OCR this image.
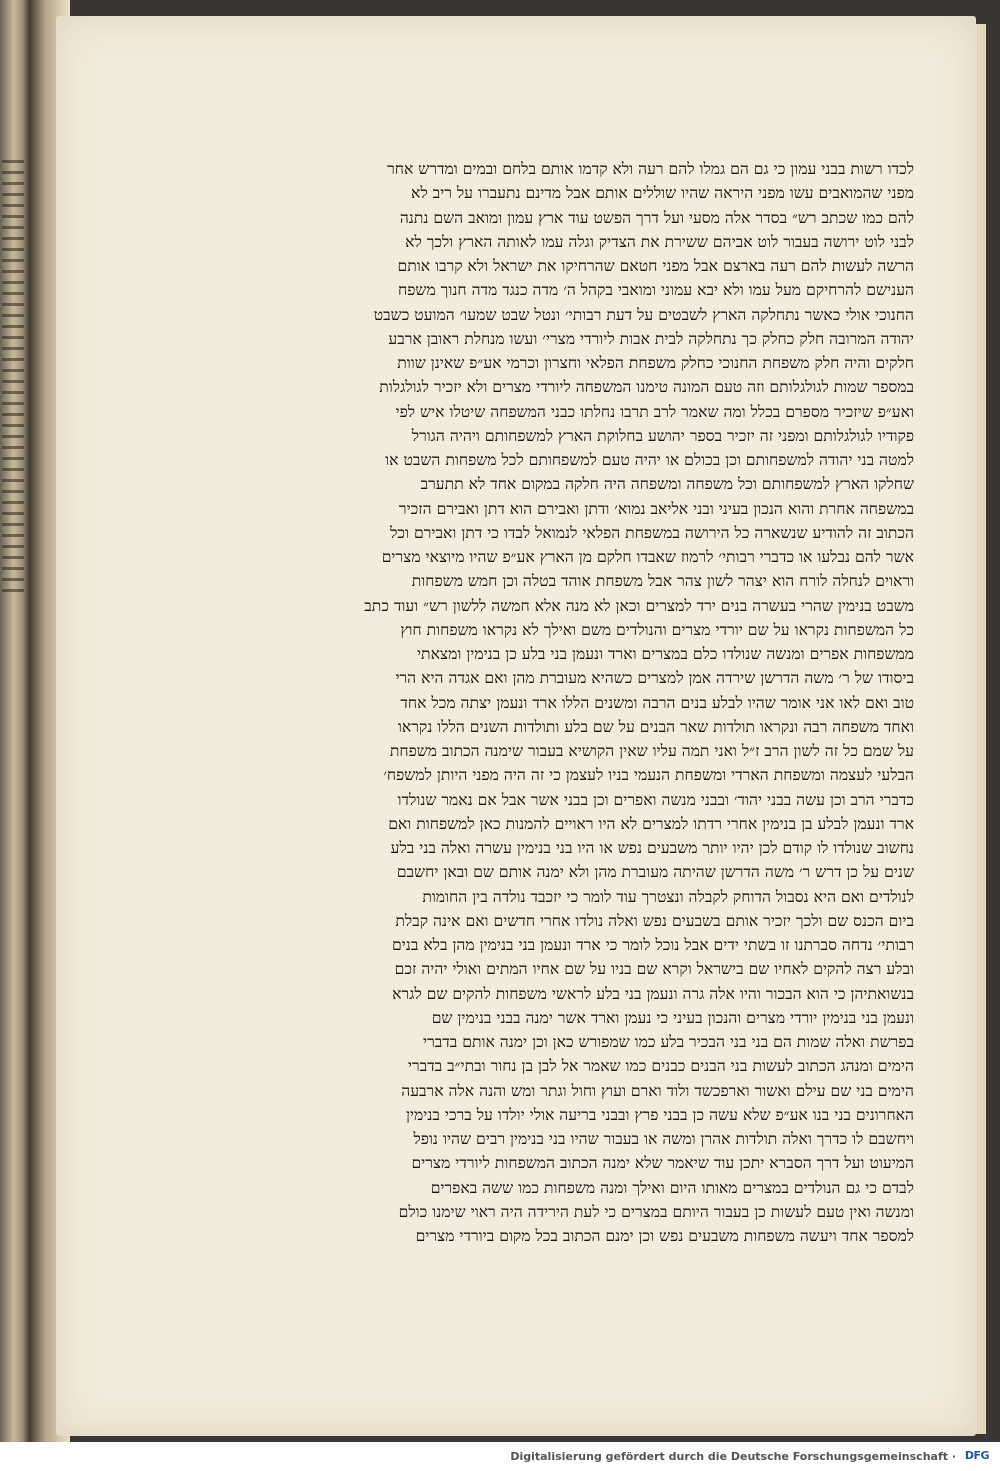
לכדו רשות בבני עמון כי גם הם גמלו להם רעה ולא קדמו אותם בלחם ובמים ומדרש אחר
מפני שהמואבים עשו מפני היראה שהיו שוללים אותם אבל מדינם נתעברו על ריב לא
להם כמו שכתב רש״ בסדר אלה מסעי ועל דרך הפשט עוד ארץ עמון ומואב השם נתנה
לבני לוט ירושה בעבור לוט אביהם ששירת את הצדיק וגלה עמו לאותה הארץ ולכך לא
הרשה לעשות להם רעה בארצם אבל מפני חטאם שהרחיקו את ישראל ולא קרבו אותם
הענישם להרחיקם מעל עמו ולא יבא עמוני ומואבי בקהל ה׳ מדה כנגד מדה חנוך משפח
החנוכי אולי כאשר נתחלקה הארץ לשבטים על דעת רבותי׳ ונטל שבט שמעו׳ המועט כשבט
יהודה המרובה חלק כחלק כך נתחלקה לבית אבות ליורדי מצרי׳ ועשו מנחלת ראובן ארבע
חלקים והיה חלק משפחת החנוכי כחלק משפחת הפלאי וחצרון וכרמי אע״פ שאינן שוות
במספר שמות לגולגלותם וזה טעם המונה טימנו המשפחה ליורדי מצרים ולא יזכיר לגולגלות
ואע״פ שיזכיר מספרם בכלל ומה שאמר לרב תרבו נחלתו כבני המשפחה שיטלו איש לפי
פקודיו לגולגלותם ומפני זה יזכיר בספר יהושע בחלוקת הארץ למשפחותם ויהיה הגורל
למטה בני יהודה למשפחותם וכן בכולם או יהיה טעם למשפחותם לכל משפחות השבט או
שחלקו הארץ למשפחותם וכל משפחה ומשפחה היה חלקה במקום אחד לא תתערב
במשפחה אחרת והוא הנכון בעיני ובני אליאב נמוא׳ ודתן ואבירם הוא דתן ואבירם הזכיר
הכתוב זה להודיע שנשארה כל הירושה במשפחת הפלאי לנמואל לבדו כי דתן ואבירם וכל
אשר להם נבלעו או כדברי רבותי׳ לרמוז שאבדו חלקם מן הארץ אע״פ שהיו מיוצאי מצרים
וראוים לנחלה לורח הוא יצהר לשון צהר אבל משפחת אוהד בטלה וכן חמש משפחות
משבט בנימין שהרי בעשרה בנים ירד למצרים וכאן לא מנה אלא חמשה ללשון רש״ ועוד כתב
כל המשפחות נקראו על שם יורדי מצרים והנולדים משם ואילך לא נקראו משפחות חוץ
ממשפחות אפרים ומנשה שנולדו כלם במצרים וארד ונעמן בני בלע כן בנימין ומצאתי
ביסודו של ר׳ משה הדרשן שירדה אמן למצרים כשהיא מעוברת מהן ואם אגדה היא הרי
טוב ואם לאו אני אומר שהיו לבלע בנים הרבה ומשנים הללו ארד ונעמן יצתה מכל אחד
ואחד משפחה רבה ונקראו תולדות שאר הבנים על שם בלע ותולדות השנים הללו נקראו
על שמם כל זה לשון הרב ז״ל ואני תמה עליו שאין הקושיא בעבור שימנה הכתוב משפחת
הבלעי לעצמה ומשפחת הארדי ומשפחת הנעמי בניו לעצמן כי זה היה מפני היותן למשפח׳
כדברי הרב וכן עשה בבני יהוד׳ ובבני מנשה ואפרים וכן בבני אשר אבל אם נאמר שנולדו
ארד ונעמן לבלע בן בנימין אחרי רדתו למצרים לא היו ראויים להמנות כאן למשפחות ואם
נחשוב שנולדו לו קודם לכן יהיו יותר משבעים נפש או היו בני בנימין עשרה ואלה בני בלע
שנים על כן דרש ר׳ משה הדרשן שהיתה מעוברת מהן ולא ימנה אותם שם ובאן יחשבם
לנולדים ואם היא נסבול הדוחק לקבלה ונצטרך עוד לומר כי יזכבד נולדה בין החומות
ביום הכנס שם ולכך יזכיר אותם בשבעים נפש ואלה נולדו אחרי חדשים ואם אינה קבלת
רבותי׳ נדחה סברתנו זו בשתי ידים אבל נוכל לומר כי ארד ונעמן בני בנימין מהן בלא בנים
ובלע רצה להקים לאחיו שם בישראל וקרא שם בניו על שם אחיו המתים ואולי יהיה זכם
בנשואתיהן כי הוא הבכור והיו אלה גרה ונעמן בני בלע לראשי משפחות להקים שם לגרא
ונעמן בני בנימין יורדי מצרים והנכון בעיני כי נעמן וארד אשר ימנה בבני בנימין שם
בפרשת ואלה שמות הם בני בני הבכיר בלע כמו שמפורש כאן וכן ימנה אותם בדברי
הימים ומנהג הכתוב לעשות בני הבנים כבנים כמו שאמר אל לבן בן נחור ובתי״ב בדברי
הימים בני שם עילם ואשור וארפכשד ולוד וארם ועוץ וחול וגתר ומש והנה אלה ארבעה
האחרונים בני בנו אע״פ שלא עשה כן בבני פרץ ובבני בריעה אולי יולדו על ברכי בנימין
ויחשבם לו כדרך ואלה תולדות אהרן ומשה או בעבור שהיו בני בנימין רבים שהיו נופל
המיעוט ועל דרך הסברא יתכן עוד שיאמר שלא ימנה הכתוב המשפחות ליורדי מצרים
לבדם כי גם הנולדים במצרים מאותו היום ואילך ומנה משפחות כמו ששה באפרים
ומנשה ואין טעם לעשות כן בעבור היותם במצרים כי לעת הירידה היה ראוי שימנו כולם
למספר אחד ויעשה משפחות משבעים נפש וכן ימנם הכתוב בכל מקום ביורדי מצרים
Digitalisierung gefördert durch die Deutsche Forschungsgemeinschaft · DFG
